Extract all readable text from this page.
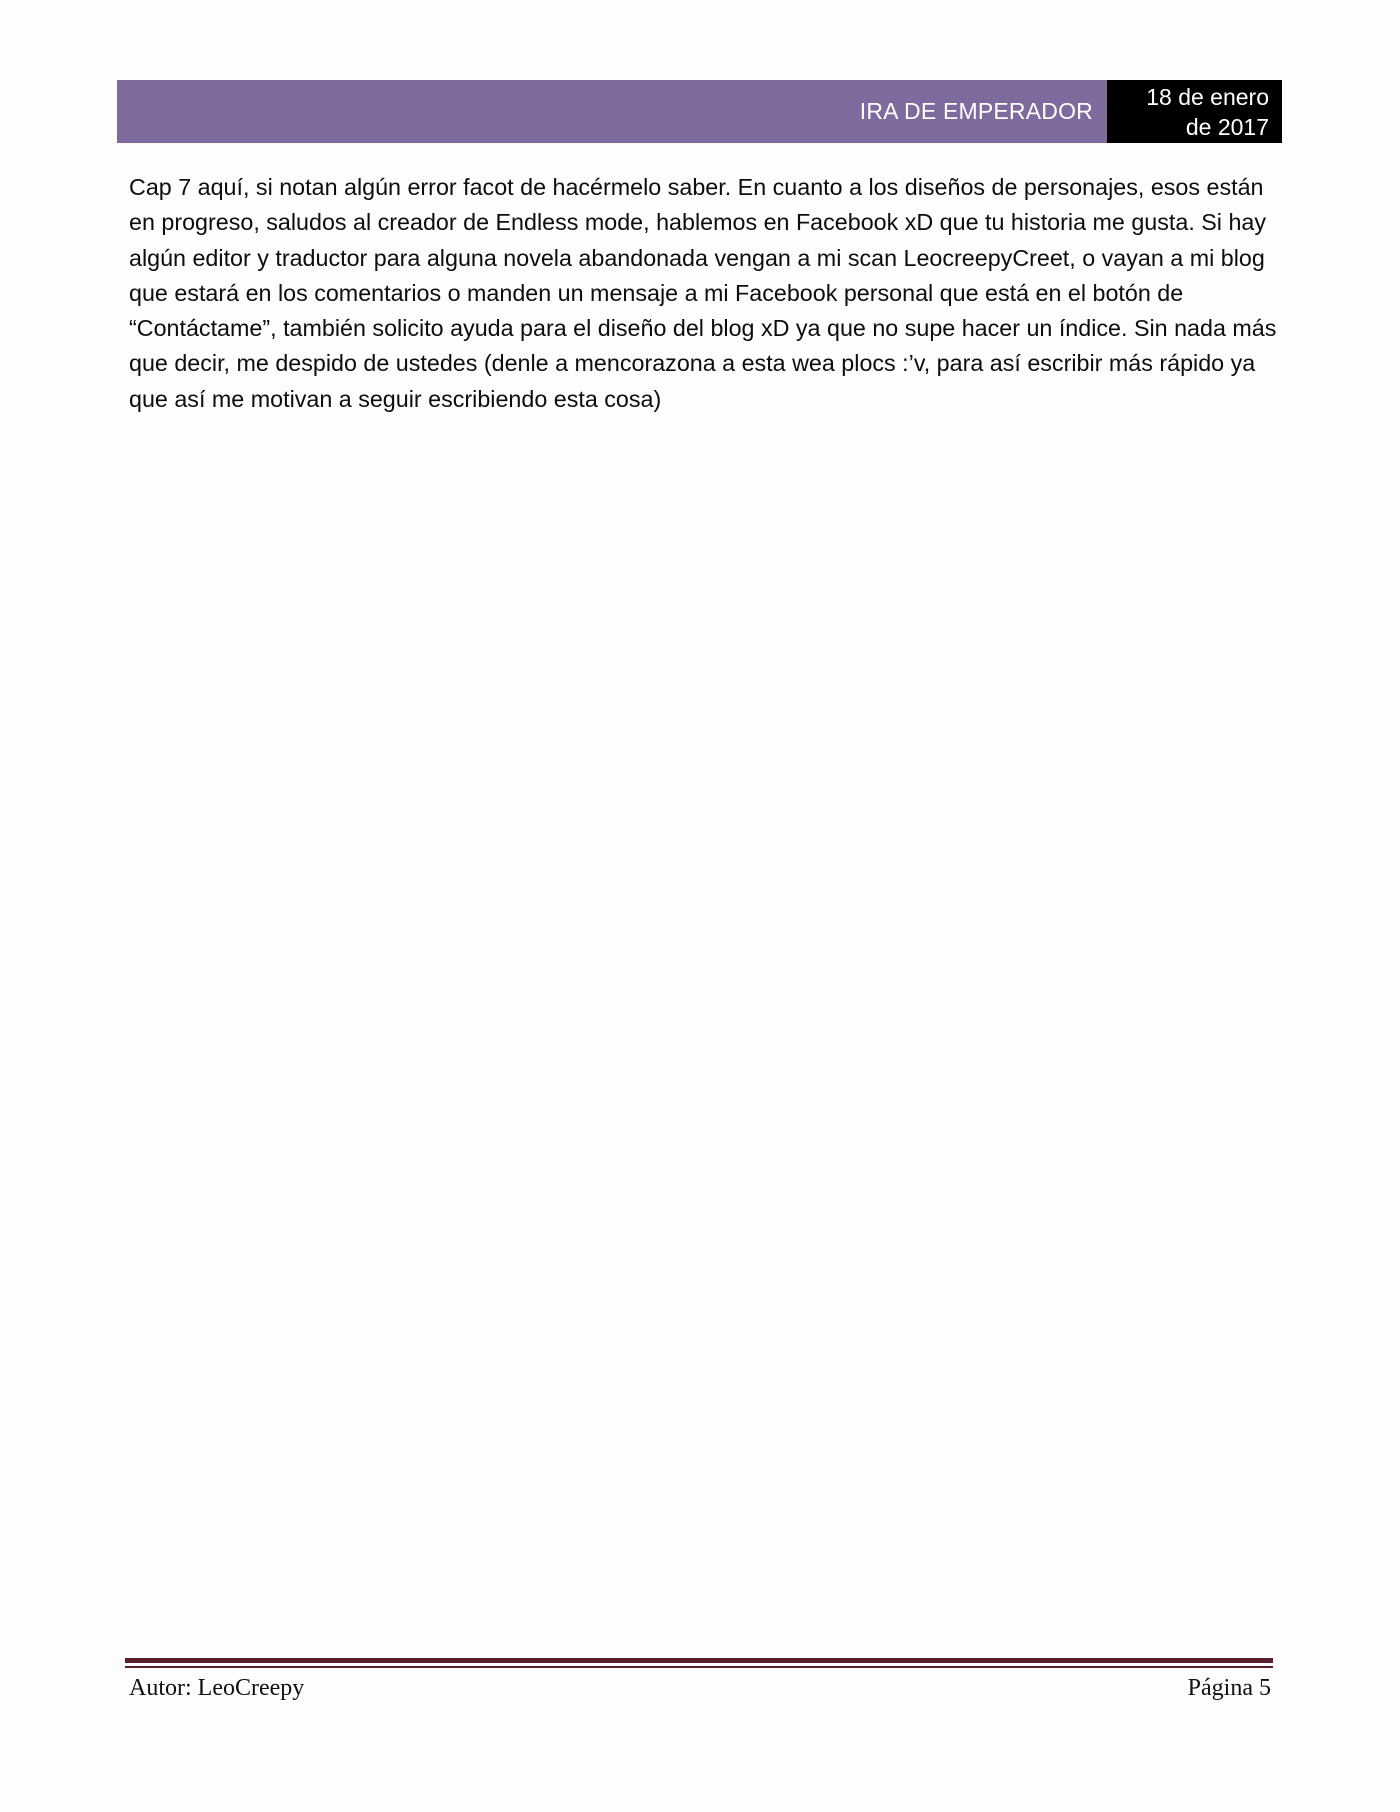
IRA DE EMPERADOR
18 de enero
de 2017

Cap 7 aquí, si notan algún error facot de hacérmelo saber. En cuanto a los diseños de personajes, esos están en progreso, saludos al creador de Endless mode, hablemos en Facebook xD que tu historia me gusta. Si hay algún editor y traductor para alguna novela abandonada vengan a mi scan LeocreepyCreet, o vayan a mi blog que estará en los comentarios o manden un mensaje a mi Facebook personal que está en el botón de “Contáctame”, también solicito ayuda para el diseño del blog xD ya que no supe hacer un índice. Sin nada más que decir, me despido de ustedes (denle a mencorazona a esta wea plocs :’v, para así escribir más rápido ya que así me motivan a seguir escribiendo esta cosa)

Autor: LeoCreepy	Página 5
